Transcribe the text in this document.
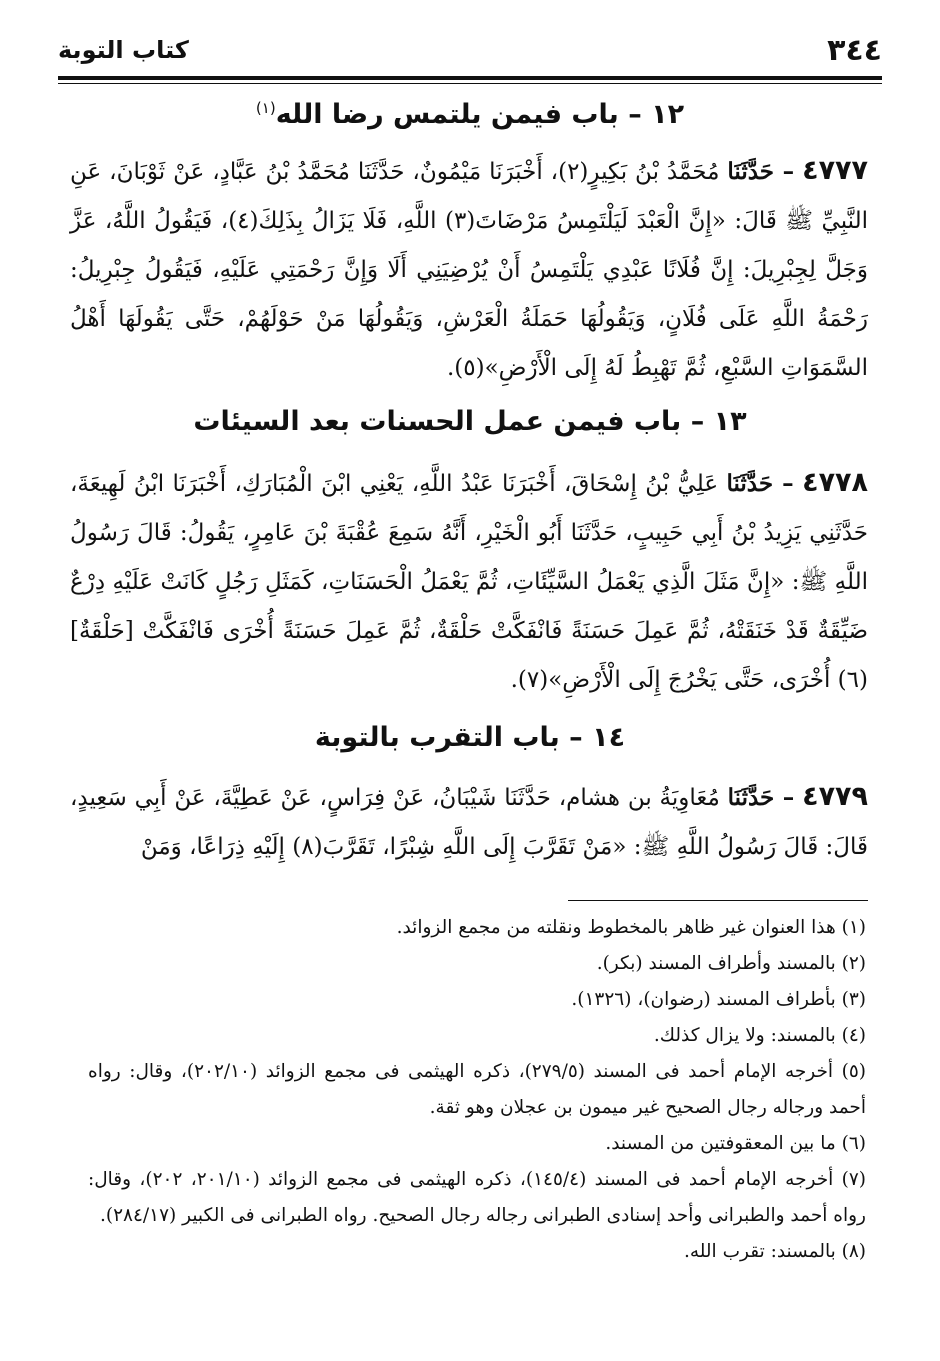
٣٤٤
كتاب التوبة
١٢ – باب فيمن يلتمس رضا الله$^{(١)}$
٤٧٧٧ – حَدَّثَنَا مُحَمَّدُ بْنُ بَكِيرٍ(٢)، أَخْبَرَنَا مَيْمُونٌ، حَدَّثَنَا مُحَمَّدُ بْنُ عَبَّادٍ، عَنْ ثَوْبَانَ، عَنِ النَّبِيِّ ﷺ قَالَ: «إِنَّ الْعَبْدَ لَيَلْتَمِسُ مَرْضَاتَ(٣) اللَّهِ، فَلَا يَزَالُ بِذَلِكَ(٤)، فَيَقُولُ اللَّهُ، عَزَّ وَجَلَّ لِجِبْرِيلَ: إِنَّ فُلَانًا عَبْدِي يَلْتَمِسُ أَنْ يُرْضِيَنِي أَلَا وَإِنَّ رَحْمَتِي عَلَيْهِ، فَيَقُولُ جِبْرِيلُ: رَحْمَةُ اللَّهِ عَلَى فُلَانٍ، وَيَقُولُهَا حَمَلَةُ الْعَرْشِ، وَيَقُولُهَا مَنْ حَوْلَهُمْ، حَتَّى يَقُولَهَا أَهْلُ السَّمَوَاتِ السَّبْعِ، ثُمَّ تَهْبِطُ لَهُ إِلَى الْأَرْضِ»(٥).
١٣ – باب فيمن عمل الحسنات بعد السيئات
٤٧٧٨ – حَدَّثَنَا عَلِيُّ بْنُ إِسْحَاقَ، أَخْبَرَنَا عَبْدُ اللَّهِ، يَعْنِي ابْنَ الْمُبَارَكِ، أَخْبَرَنَا ابْنُ لَهِيعَةَ، حَدَّثَنِي يَزِيدُ بْنُ أَبِي حَبِيبٍ، حَدَّثَنَا أَبُو الْخَيْرِ، أَنَّهُ سَمِعَ عُقْبَةَ بْنَ عَامِرٍ، يَقُولُ: قَالَ رَسُولُ اللَّهِ ﷺ: «إِنَّ مَثَلَ الَّذِي يَعْمَلُ السَّيِّئَاتِ، ثُمَّ يَعْمَلُ الْحَسَنَاتِ، كَمَثَلِ رَجُلٍ كَانَتْ عَلَيْهِ دِرْعٌ ضَيِّقَةٌ قَدْ خَنَقَتْهُ، ثُمَّ عَمِلَ حَسَنَةً فَانْفَكَّتْ حَلْقَةٌ، ثُمَّ عَمِلَ حَسَنَةً أُخْرَى فَانْفَكَّتْ [حَلْقَةٌ] (٦) أُخْرَى، حَتَّى يَخْرُجَ إِلَى الْأَرْضِ»(٧).
١٤ – باب التقرب بالتوبة
٤٧٧٩ – حَدَّثَنَا مُعَاوِيَةُ بن هشام، حَدَّثَنَا شَيْبَانُ، عَنْ فِرَاسٍ، عَنْ عَطِيَّةَ، عَنْ أَبِي سَعِيدٍ، قَالَ: قَالَ رَسُولُ اللَّهِ ﷺ: «مَنْ تَقَرَّبَ إِلَى اللَّهِ شِبْرًا، تَقَرَّبَ(٨) إِلَيْهِ ذِرَاعًا، وَمَنْ
(١) هذا العنوان غير ظاهر بالمخطوط ونقلته من مجمع الزوائد.
(٢) بالمسند وأطراف المسند (بكر).
(٣) بأطراف المسند (رضوان)، (١٣٢٦).
(٤) بالمسند: ولا يزال كذلك.
(٥) أخرجه الإمام أحمد فى المسند (٢٧٩/٥)، ذكره الهيثمى فى مجمع الزوائد (٢٠٢/١٠)، وقال: رواه أحمد ورجاله رجال الصحيح غير ميمون بن عجلان وهو ثقة.
(٦) ما بين المعقوفتين من المسند.
(٧) أخرجه الإمام أحمد فى المسند (١٤٥/٤)، ذكره الهيثمى فى مجمع الزوائد (٢٠١/١٠، ٢٠٢)، وقال: رواه أحمد والطبرانى وأحد إسنادى الطبرانى رجاله رجال الصحيح. رواه الطبرانى فى الكبير (٢٨٤/١٧).
(٨) بالمسند: تقرب الله.
